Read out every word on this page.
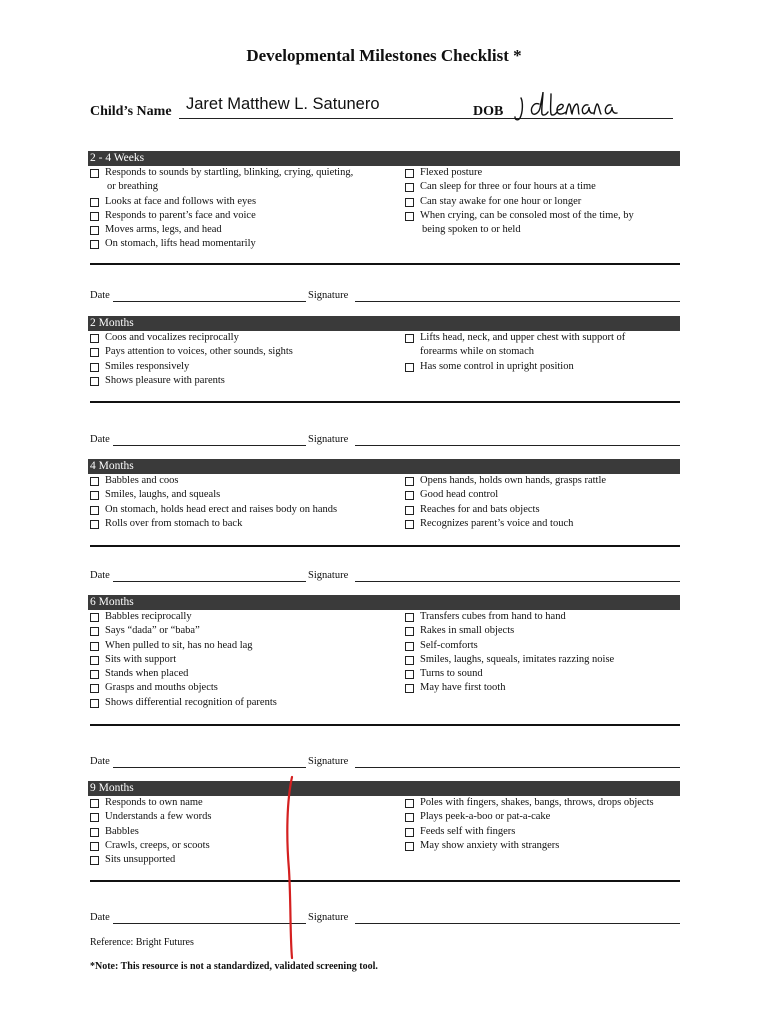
Developmental Milestones Checklist *
Child’s Name Jaret Matthew L. Satunero	DOB
2 - 4 Weeks
Responds to sounds by startling, blinking, crying, quieting,
or breathing
Looks at face and follows with eyes
Responds to parent’s face and voice
Moves arms, legs, and head
On stomach, lifts head momentarily
Flexed posture
Can sleep for three or four hours at a time
Can stay awake for one hour or longer
When crying, can be consoled most of the time, by
being spoken to or held
Date	Signature
2 Months
Coos and vocalizes reciprocally
Pays attention to voices, other sounds, sights
Smiles responsively
Shows pleasure with parents
Lifts head, neck, and upper chest with support of
forearms while on stomach
Has some control in upright position
Date	Signature
4 Months
Babbles and coos
Smiles, laughs, and squeals
On stomach, holds head erect and raises body on hands
Rolls over from stomach to back
Opens hands, holds own hands, grasps rattle
Good head control
Reaches for and bats objects
Recognizes parent’s voice and touch
Date	Signature
6 Months
Babbles reciprocally
Says “dada” or “baba”
When pulled to sit, has no head lag
Sits with support
Stands when placed
Grasps and mouths objects
Shows differential recognition of parents
Transfers cubes from hand to hand
Rakes in small objects
Self-comforts
Smiles, laughs, squeals, imitates razzing noise
Turns to sound
May have first tooth
Date	Signature
9 Months
Responds to own name
Understands a few words
Babbles
Crawls, creeps, or scoots
Sits unsupported
Poles with fingers, shakes, bangs, throws, drops objects
Plays peek-a-boo or pat-a-cake
Feeds self with fingers
May show anxiety with strangers
Date	Signature
Reference: Bright Futures
*Note: This resource is not a standardized, validated screening tool.
